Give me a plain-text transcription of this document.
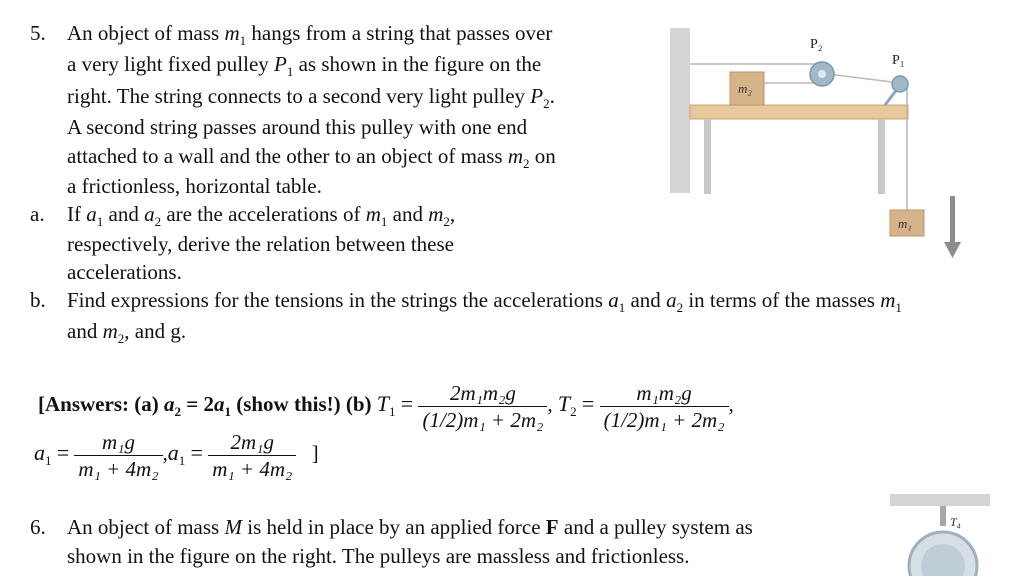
5. An object of mass $m_1$ hangs from a string that passes over
a very light fixed pulley $P_1$ as shown in the figure on the
right. The string connects to a second very light pulley $P_2$.
A second string passes around this pulley with one end
attached to a wall and the other to an object of mass $m_2$ on
a frictionless, horizontal table.
a. If $a_1$ and $a_2$ are the accelerations of $m_1$ and $m_2$,
respectively, derive the relation between these
accelerations.
b. Find expressions for the tensions in the strings the accelerations $a_1$ and $a_2$ in terms of the masses $m_1$
and $m_2$, and g.
[Answers: (a) $a_2 = 2a_1$ (show this!) (b) $T_1 = \frac{\text{2m₁m₂g}}{\text{(1/2)m₁ + 2m₂}}$ , $T_2 = \frac{\text{m₁m₂g}}{\text{(1/2)m₁ + 2m₂}}$ ,
$a_1 = \frac{\text{m₁g}}{\text{m₁ + 4m₂}} ,a_1 = \frac{\text{2m₁g}}{\text{m₁ + 4m₂}}$ ]
6. An object of mass M is held in place by an applied force F and a pulley system as
shown in the figure on the right. The pulleys are massless and frictionless.
m₂
P₂
P₁
m₁
T₄
